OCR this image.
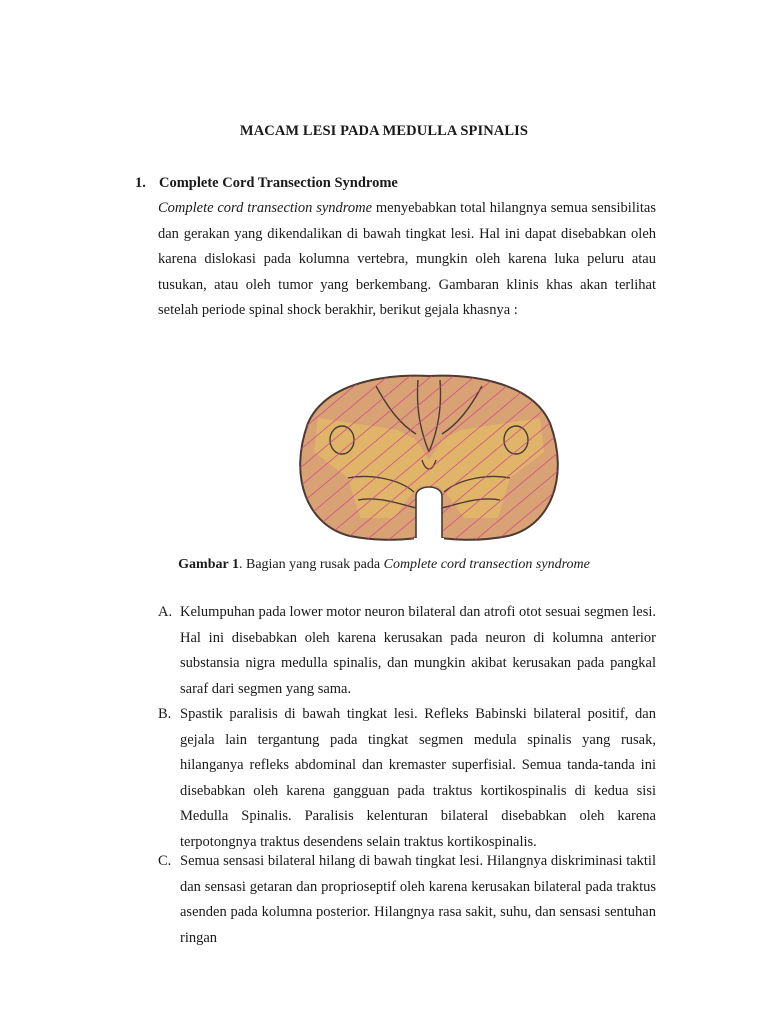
MACAM LESI PADA MEDULLA SPINALIS
1. Complete Cord Transection Syndrome
Complete cord transection syndrome menyebabkan total hilangnya semua sensibilitas dan gerakan yang dikendalikan di bawah tingkat lesi. Hal ini dapat disebabkan oleh karena dislokasi pada kolumna vertebra, mungkin oleh karena luka peluru atau tusukan, atau oleh tumor yang berkembang. Gambaran klinis khas akan terlihat setelah periode spinal shock berakhir, berikut gejala khasnya :
Gambar 1. Bagian yang rusak pada Complete cord transection syndrome

A. Kelumpuhan pada lower motor neuron bilateral dan atrofi otot sesuai segmen lesi. Hal ini disebabkan oleh karena kerusakan pada neuron di kolumna anterior substansia nigra medulla spinalis, dan mungkin akibat kerusakan pada pangkal saraf dari segmen yang sama.

B. Spastik paralisis di bawah tingkat lesi. Refleks Babinski bilateral positif, dan gejala lain tergantung pada tingkat segmen medula spinalis yang rusak, hilanganya refleks abdominal dan kremaster superfisial. Semua tanda-tanda ini disebabkan oleh karena gangguan pada traktus kortikospinalis di kedua sisi Medulla Spinalis. Paralisis kelenturan bilateral disebabkan oleh karena terpotongnya traktus desendens selain traktus kortikospinalis.

C. Semua sensasi bilateral hilang di bawah tingkat lesi. Hilangnya diskriminasi taktil dan sensasi getaran dan proprioseptif oleh karena kerusakan bilateral pada traktus asenden pada kolumna posterior. Hilangnya rasa sakit, suhu, dan sensasi sentuhan ringan
